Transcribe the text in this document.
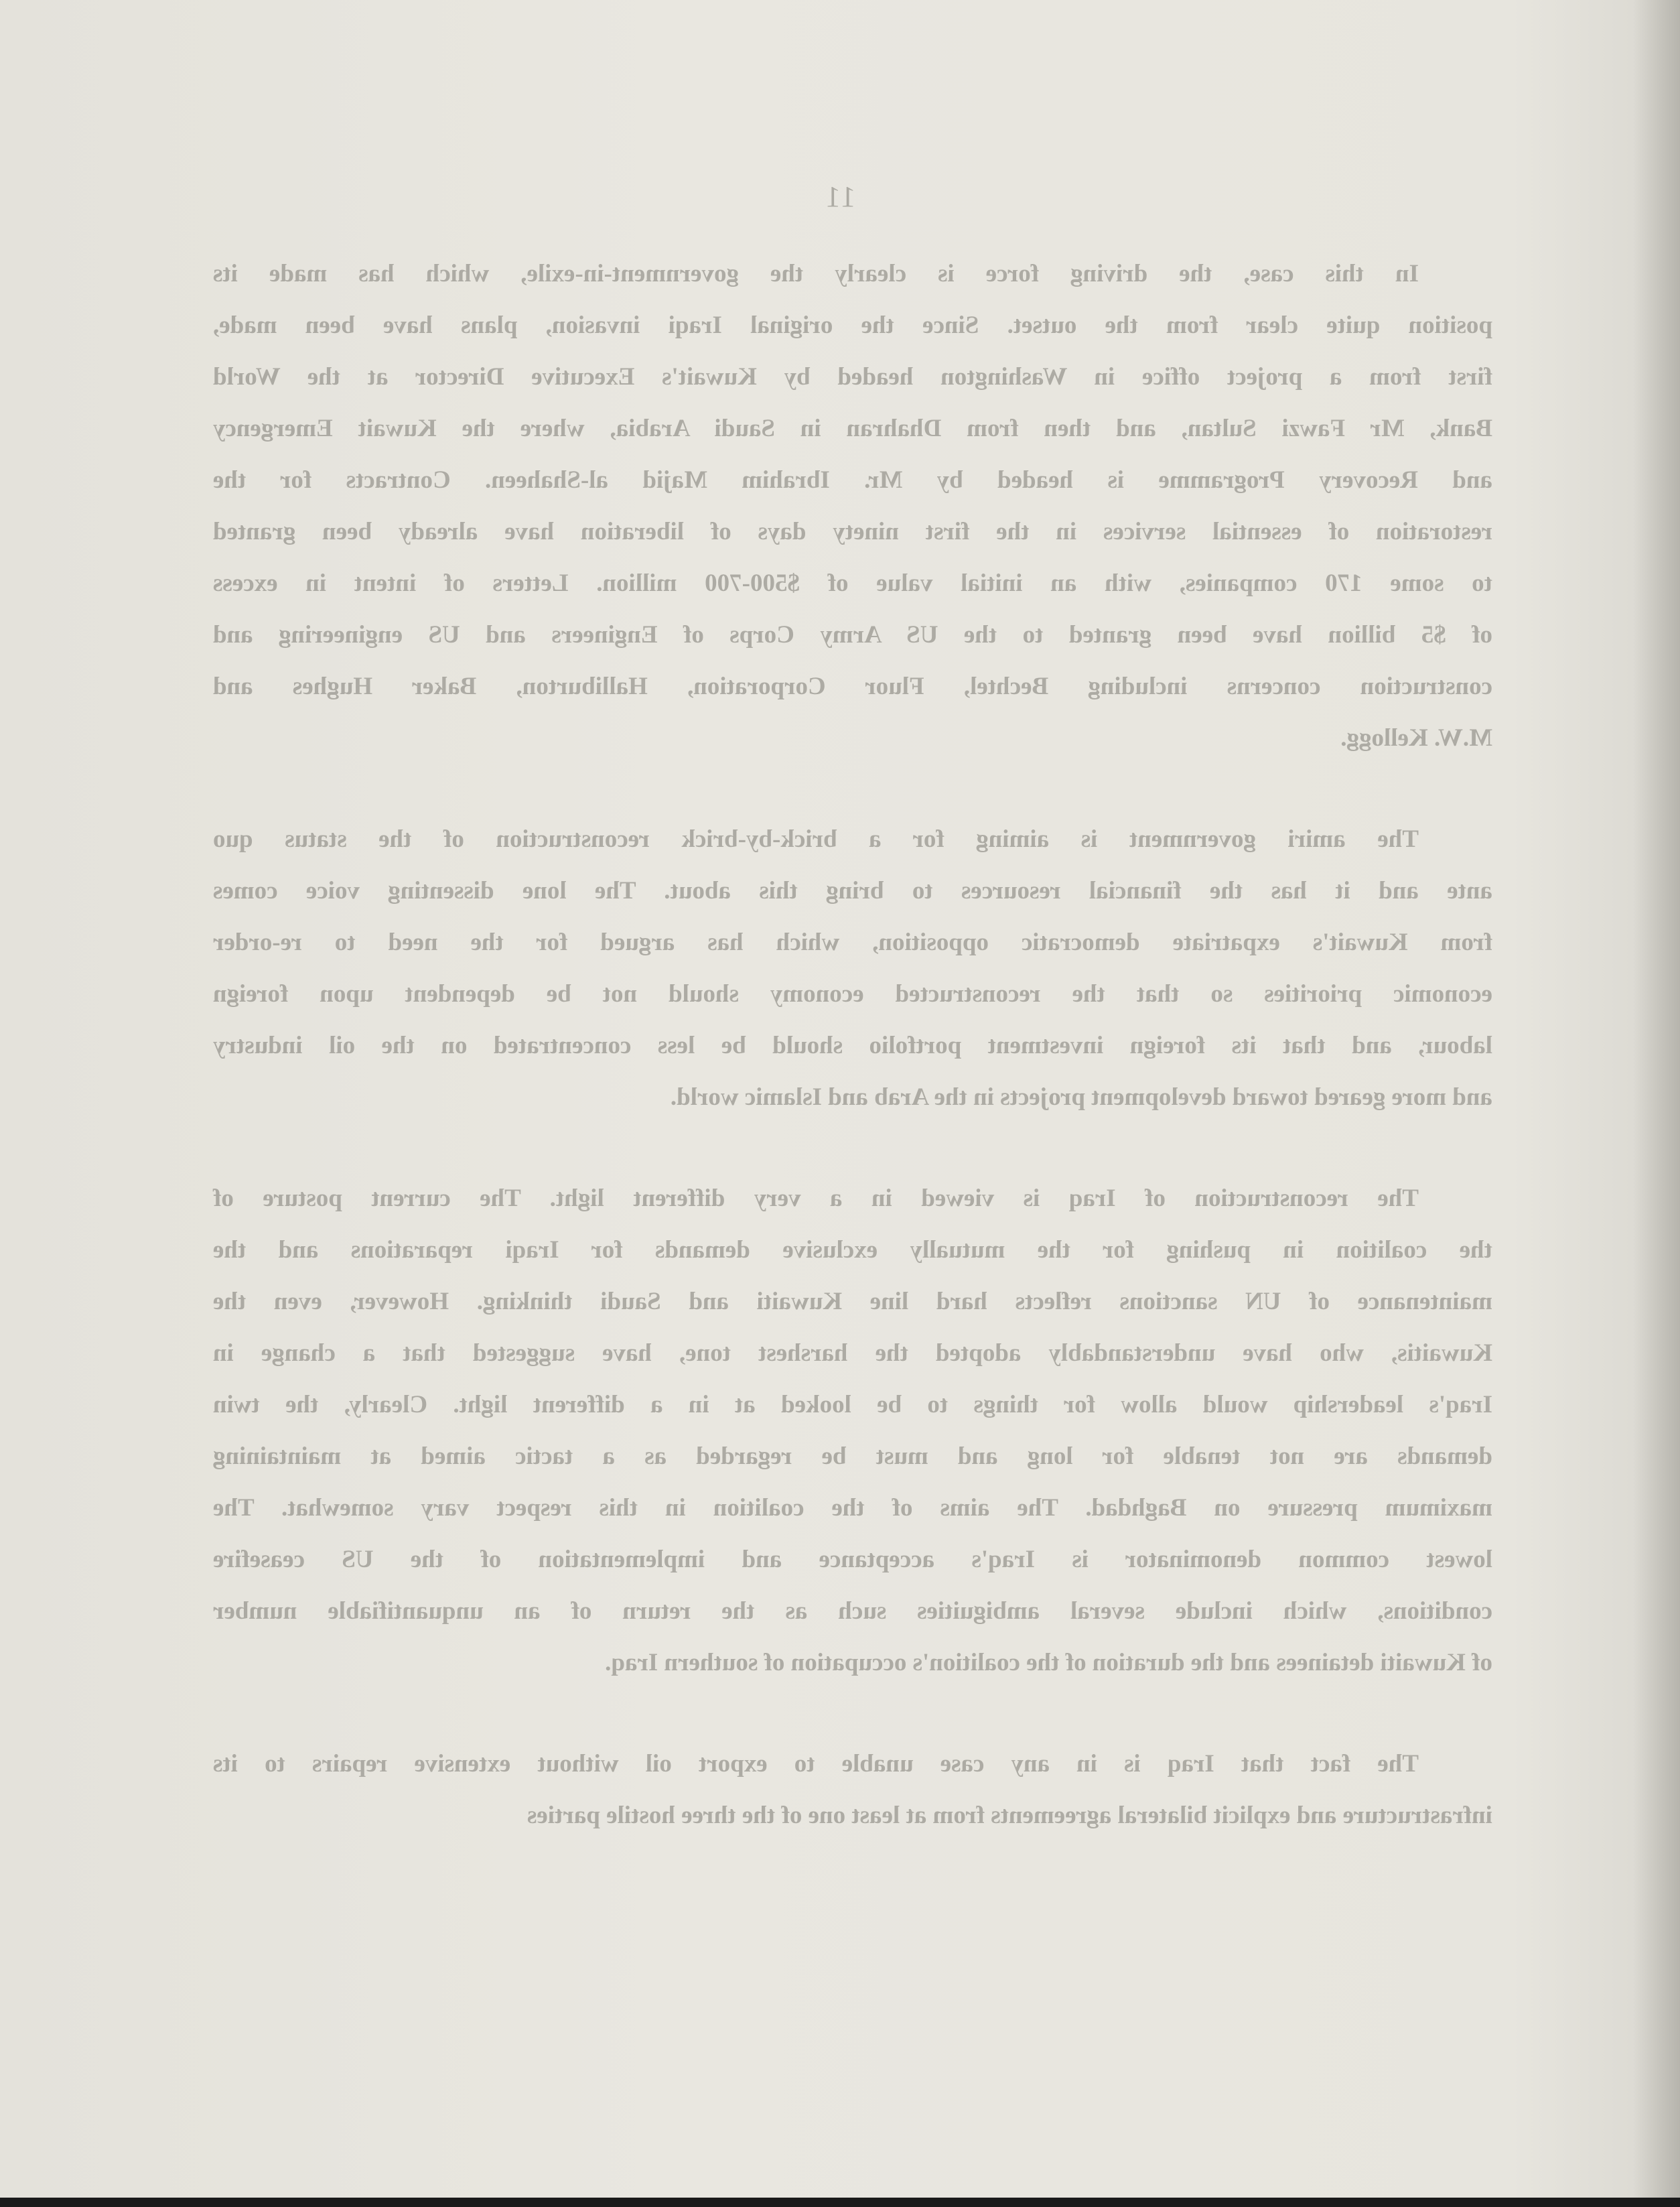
11
In this case, the driving force is clearly the government-in-exile, which has made its
position quite clear from the outset. Since the original Iraqi invasion, plans have been made,
first from a project office in Washington headed by Kuwait's Executive Director at the World
Bank, Mr Fawzi Sultan, and then from Dhahran in Saudi Arabia, where the Kuwait Emergency
and Recovery Programme is headed by Mr. Ibrahim Majid al-Shaheen. Contracts for the
restoration of essential services in the first ninety days of liberation have already been granted
to some 170 companies, with an initial value of $500-700 million. Letters of intent in excess
of $5 billion have been granted to the US Army Corps of Engineers and US engineering and
construction concerns including Bechtel, Fluor Corporation, Halliburton, Baker Hughes and
M.W. Kellogg.
The amiri government is aiming for a brick-by-brick reconstruction of the status quo
ante and it has the financial resources to bring this about. The lone dissenting voice comes
from Kuwait's expatriate democratic opposition, which has argued for the need to re-order
economic priorities so that the reconstructed economy should not be dependent upon foreign
labour, and that its foreign investment portfolio should be less concentrated on the oil industry
and more geared toward development projects in the Arab and Islamic world.
The reconstruction of Iraq is viewed in a very different light. The current posture of
the coalition in pushing for the mutually exclusive demands for Iraqi reparations and the
maintenance of UN sanctions reflects hard line Kuwaiti and Saudi thinking. However, even the
Kuwaitis, who have understandably adopted the harshest tone, have suggested that a change in
Iraq's leadership would allow for things to be looked at in a different light. Clearly, the twin
demands are not tenable for long and must be regarded as a tactic aimed at maintaining
maximum pressure on Baghdad. The aims of the coalition in this respect vary somewhat. The
lowest common denominator is Iraq's acceptance and implementation of the US ceasefire
conditions, which include several ambiguities such as the return of an unquantifiable number
of Kuwaiti detainees and the duration of the coalition's occupation of southern Iraq.
The fact that Iraq is in any case unable to export oil without extensive repairs to its
infrastructure and explicit bilateral agreements from at least one of the three hostile parties
